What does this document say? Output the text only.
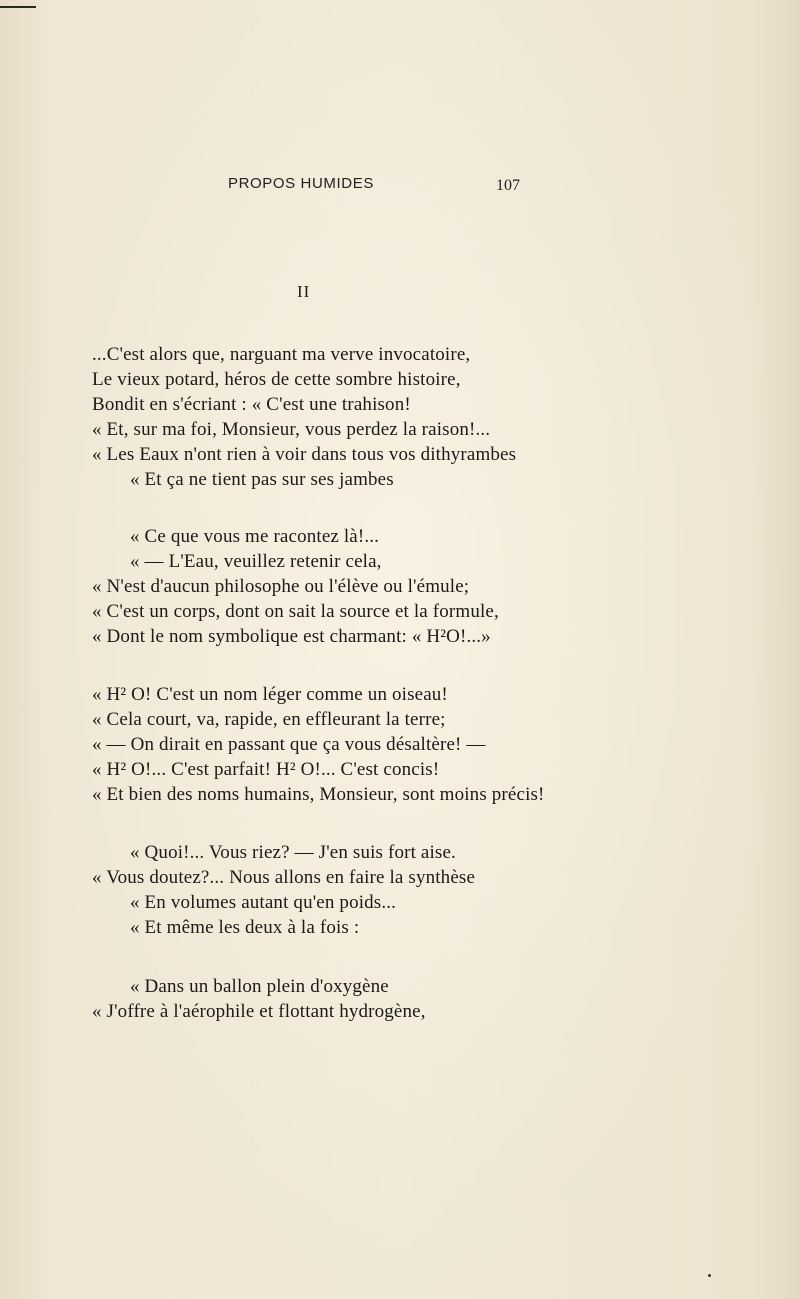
PROPOS HUMIDES	107
II
...C'est alors que, narguant ma verve invocatoire,
Le vieux potard, héros de cette sombre histoire,
Bondit en s'écriant : « C'est une trahison!
« Et, sur ma foi, Monsieur, vous perdez la raison!...
« Les Eaux n'ont rien à voir dans tous vos dithyrambes
« Et ça ne tient pas sur ses jambes
« Ce que vous me racontez là!...
« — L'Eau, veuillez retenir cela,
« N'est d'aucun philosophe ou l'élève ou l'émule;
« C'est un corps, dont on sait la source et la formule,
« Dont le nom symbolique est charmant: « H²O!...»
« H² O! C'est un nom léger comme un oiseau!
« Cela court, va, rapide, en effleurant la terre;
« — On dirait en passant que ça vous désaltère! —
« H² O!... C'est parfait! H² O!... C'est concis!
« Et bien des noms humains, Monsieur, sont moins précis!
« Quoi!... Vous riez? — J'en suis fort aise.
« Vous doutez?... Nous allons en faire la synthèse
« En volumes autant qu'en poids...
« Et même les deux à la fois :
« Dans un ballon plein d'oxygène
« J'offre à l'aérophile et flottant hydrogène,
